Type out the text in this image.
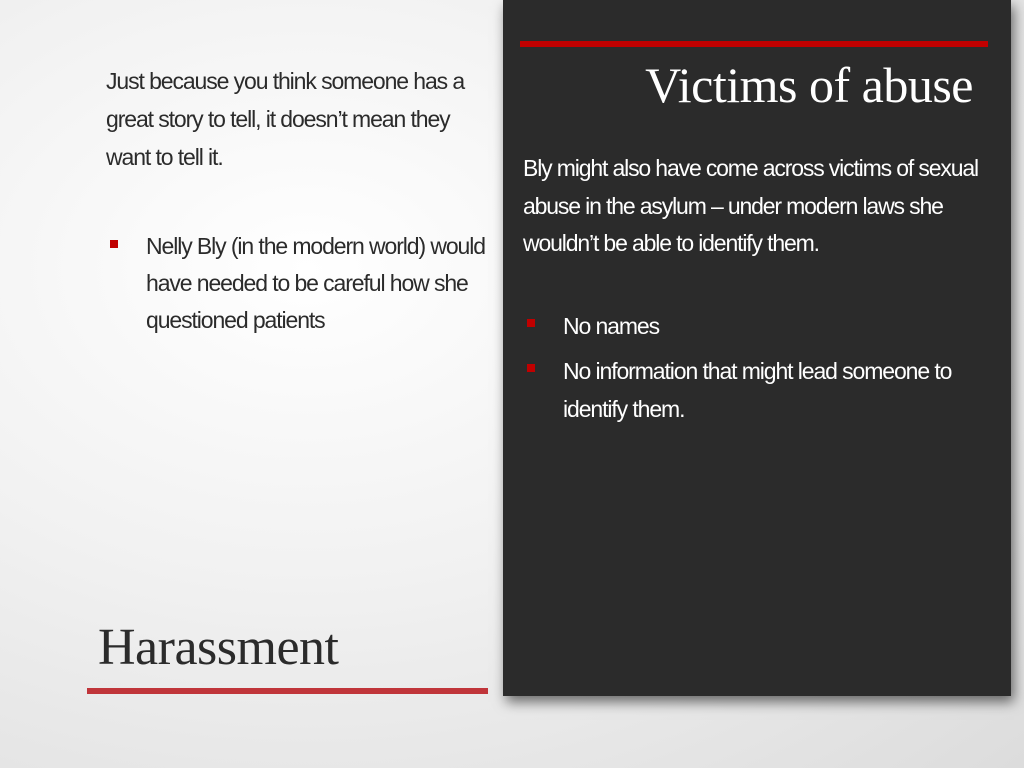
Just because you think someone has a great story to tell, it doesn’t mean they want to tell it.

Nelly Bly (in the modern world) would have needed to be careful how she questioned patients
Harassment
Victims of abuse

Bly might also have come across victims of sexual abuse in the asylum – under modern laws she wouldn’t be able to identify them.

No names
No information that might lead someone to identify them.
